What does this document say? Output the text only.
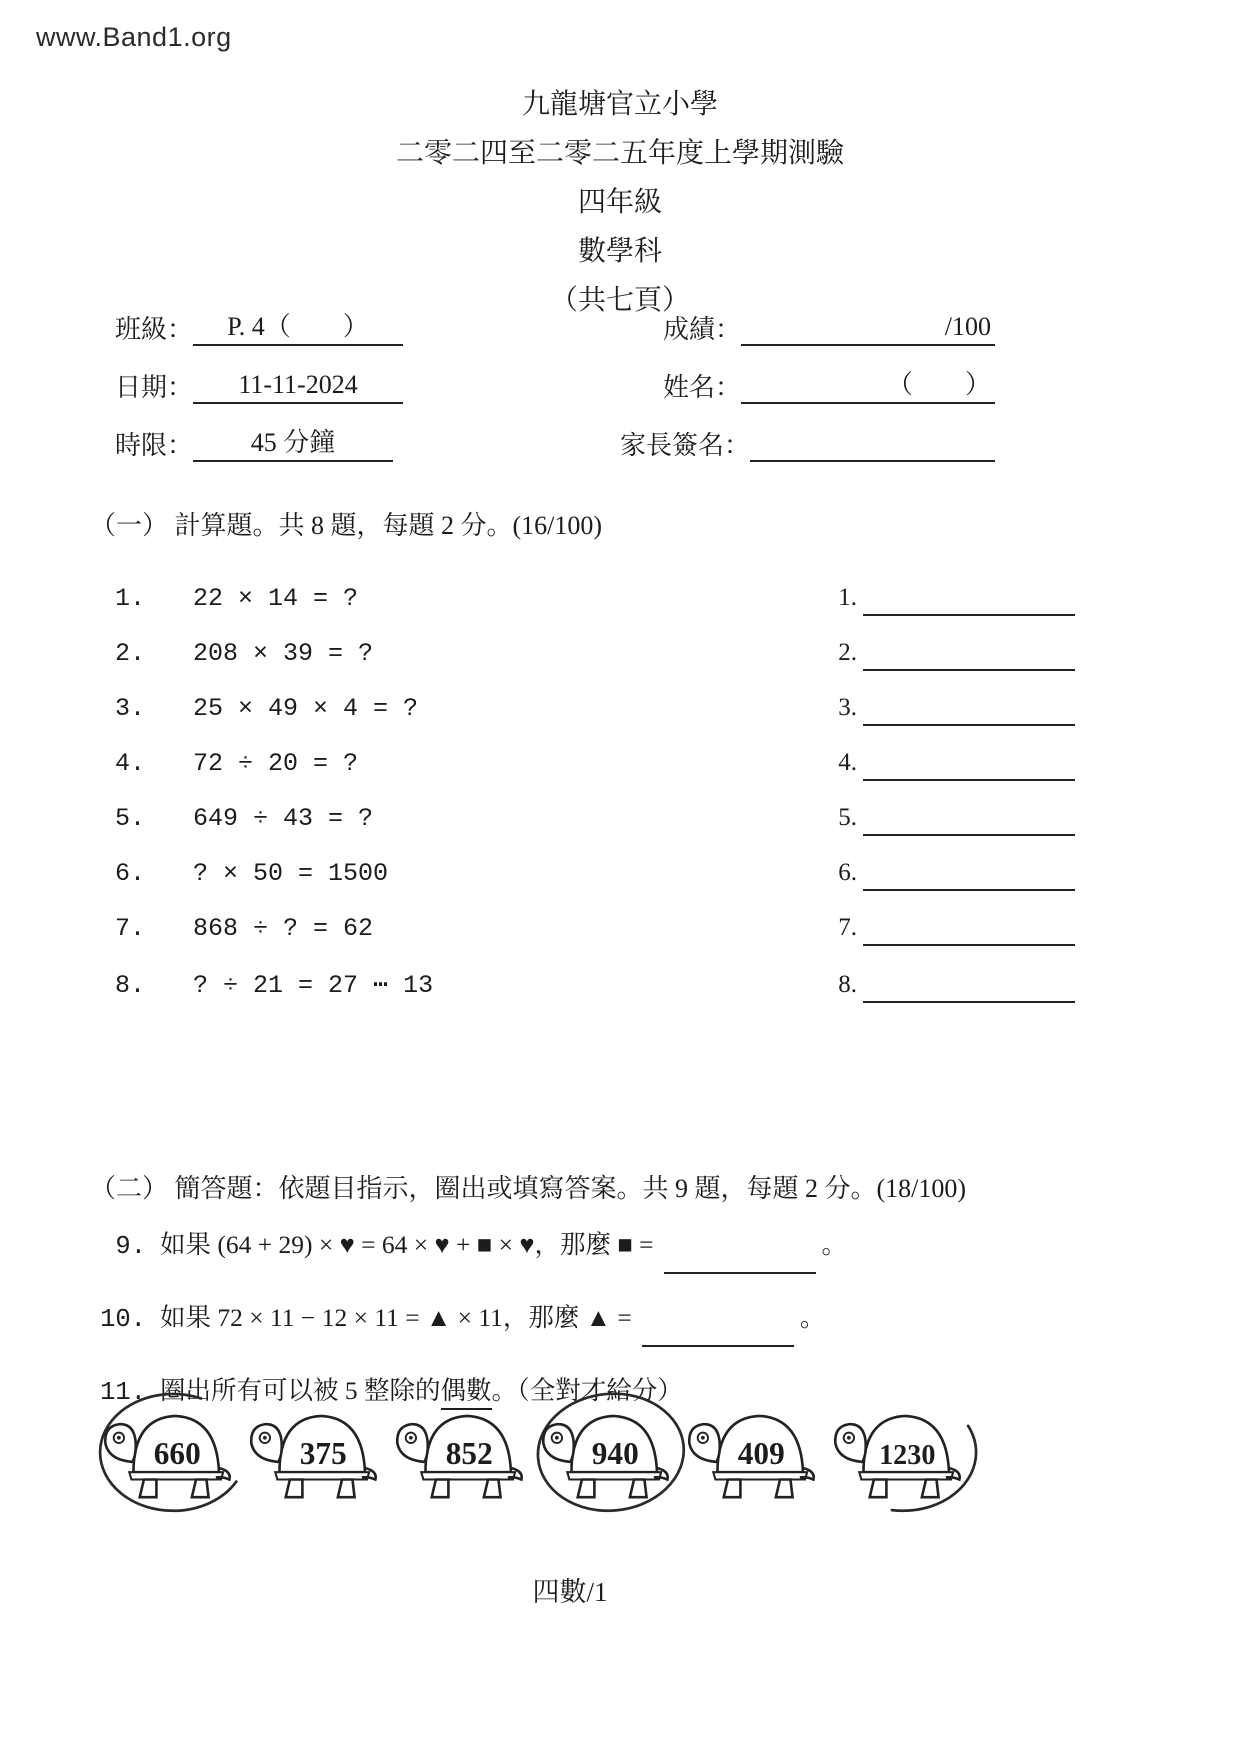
www.Band1.org
九龍塘官立小學
二零二四至二零二五年度上學期測驗
四年級
數學科
（共七頁）
班級：	P. 4（　　）	成績：	/100
日期：	11-11-2024	姓名：	（　　）
時限：	45 分鐘	家長簽名：
（一） 計算題。共 8 題，每題 2 分。(16/100)
1.	22 × 14 = ?	1.
2.	208 × 39 = ?	2.
3.	25 × 49 × 4 = ?	3.
4.	72 ÷ 20 = ?	4.
5.	649 ÷ 43 = ?	5.
6.	? × 50 = 1500	6.
7.	868 ÷ ? = 62	7.
8.	? ÷ 21 = 27 ⋯ 13	8.
（二） 簡答題：依題目指示，圈出或填寫答案。共 9 題，每題 2 分。(18/100)
9. 如果 (64 + 29) × ♥ = 64 × ♥ + ■ × ♥，那麼 ■ =	。
10. 如果 72 × 11 − 12 × 11 = ▲ × 11，那麼 ▲ =	。
11. 圈出所有可以被 5 整除的 偶數 。（全對才給分）
660	375	852	940	409	1230
四數/1
